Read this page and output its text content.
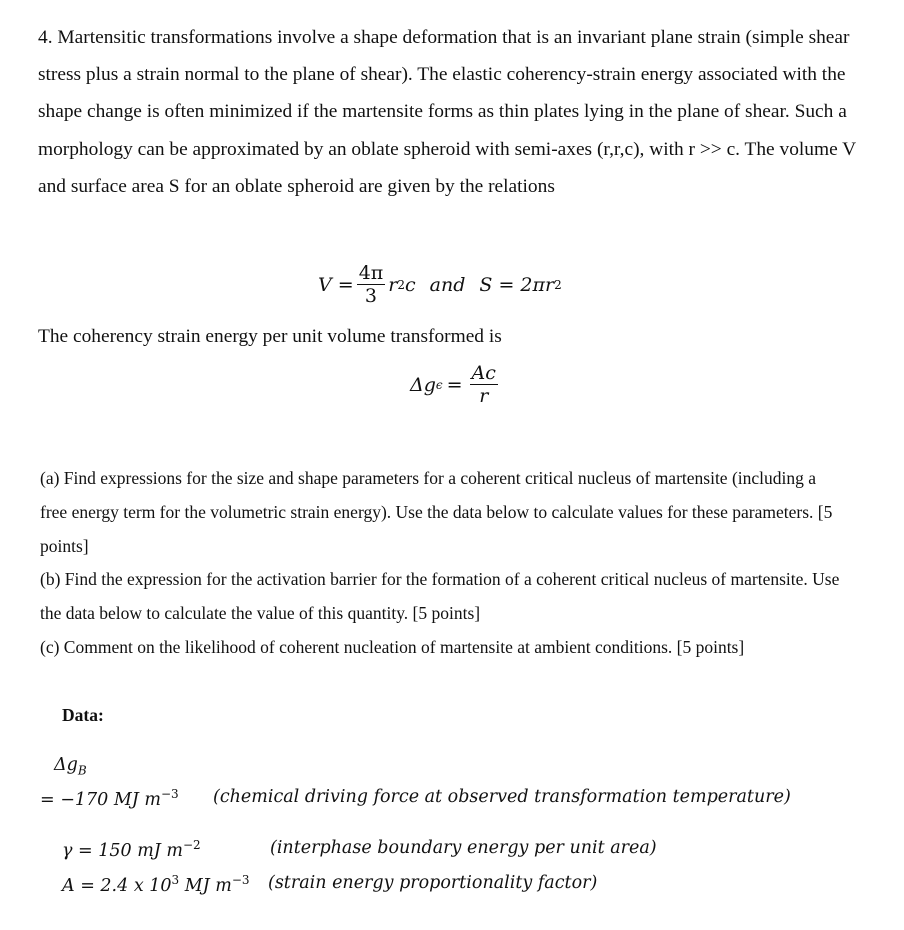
4. Martensitic transformations involve a shape deformation that is an invariant plane strain (simple shear stress plus a strain normal to the plane of shear). The elastic coherency-strain energy associated with the shape change is often minimized if the martensite forms as thin plates lying in the plane of shear. Such a morphology can be approximated by an oblate spheroid with semi-axes (r,r,c), with r >> c. The volume V and surface area S for an oblate spheroid are given by the relations
$V = \frac{4\pi}{3}$ r 2 c and S = 2πr 2
The coherency strain energy per unit volume transformed is
Δg $\epsilon = \frac{Ac}{r}$
(a) Find expressions for the size and shape parameters for a coherent critical nucleus of martensite (including a free energy term for the volumetric strain energy). Use the data below to calculate values for these parameters. [5 points]
(b) Find the expression for the activation barrier for the formation of a coherent critical nucleus of martensite. Use the data below to calculate the value of this quantity. [5 points]
(c) Comment on the likelihood of coherent nucleation of martensite at ambient conditions. [5 points]
Data:
$\Delta g_B$
= −170 MJ $m^{-3}$ (chemical driving force at observed transformation temperature)
γ = 150 mJ $m^{-2}$	(interphase boundary energy per unit area)
A = 2.4 x $10^3$ MJ $m^{-3}$ (strain energy proportionality factor)
